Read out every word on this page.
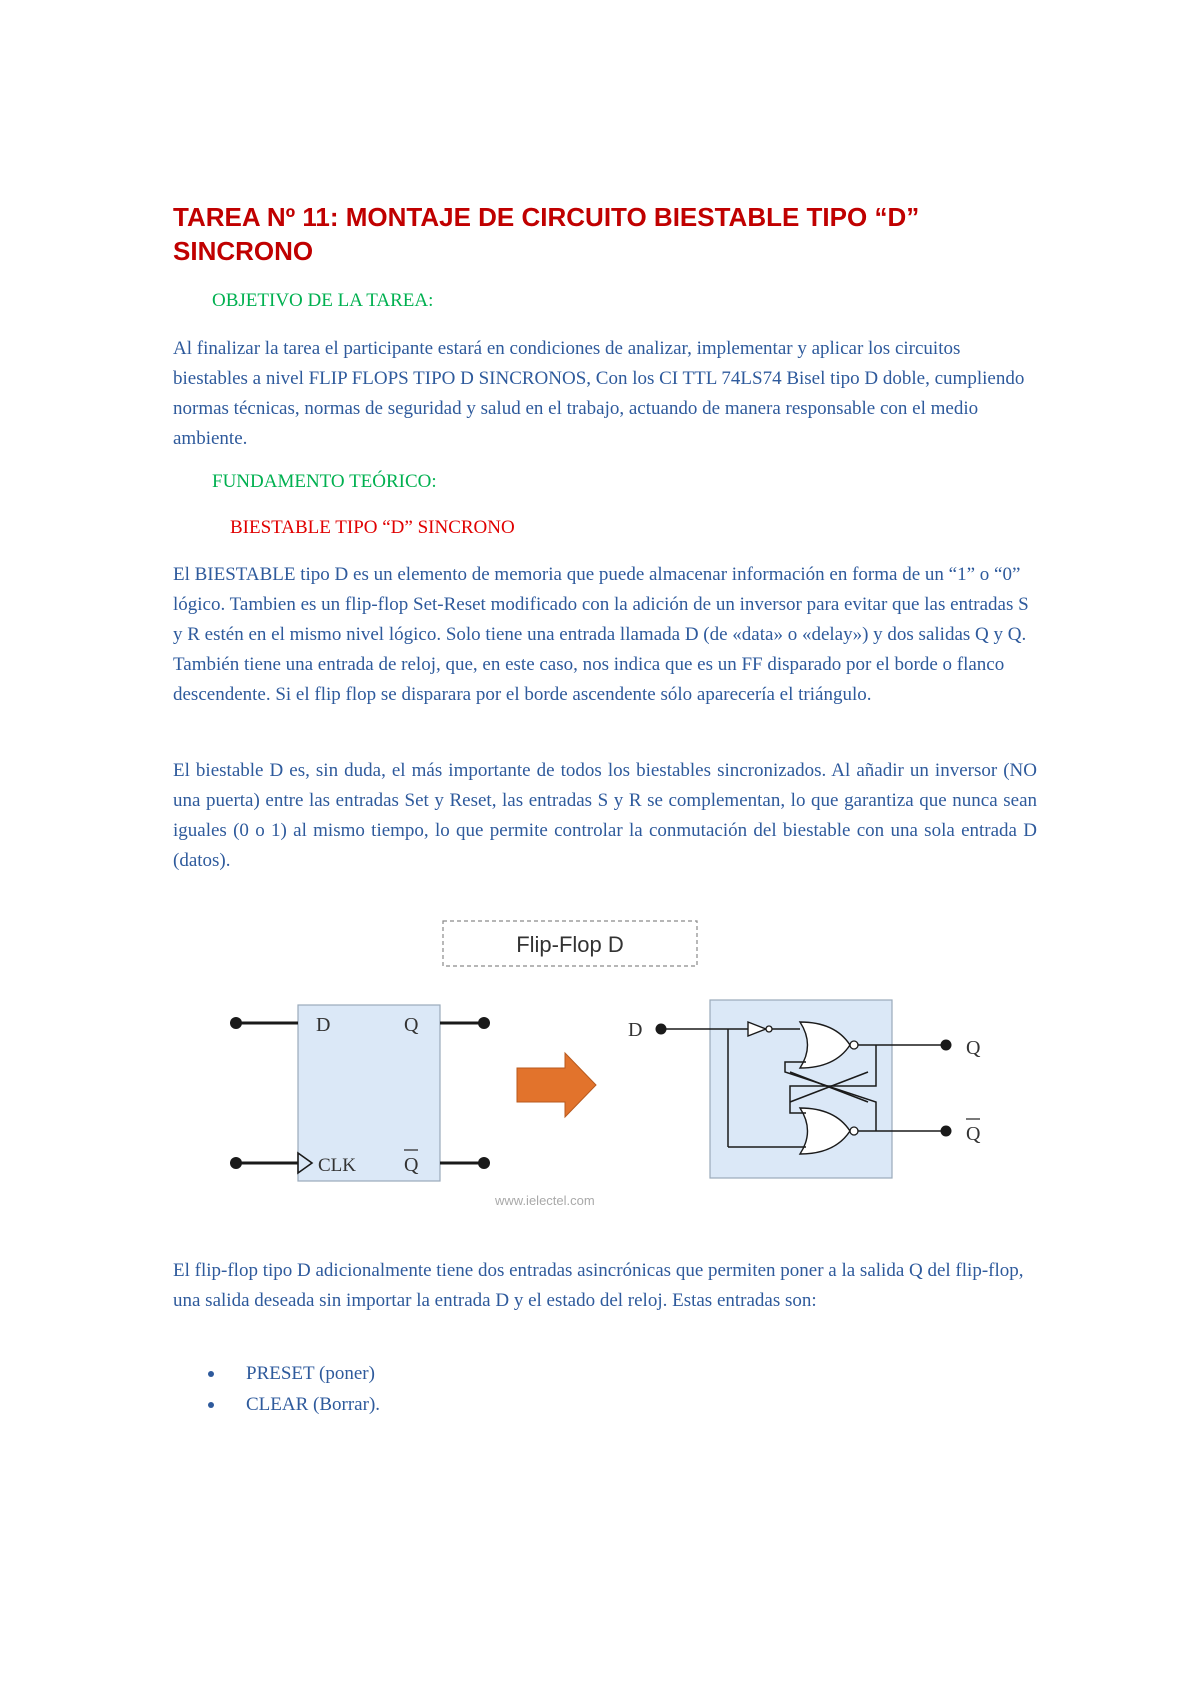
TAREA Nº 11: MONTAJE DE CIRCUITO BIESTABLE TIPO “D” SINCRONO

OBJETIVO DE LA TAREA:

Al finalizar la tarea el participante estará en condiciones de analizar, implementar y aplicar los circuitos biestables a nivel FLIP FLOPS TIPO D SINCRONOS, Con los CI TTL 74LS74 Bisel tipo D doble, cumpliendo normas técnicas, normas de seguridad y salud en el trabajo, actuando de manera responsable con el medio ambiente.

FUNDAMENTO TEÓRICO:

BIESTABLE TIPO “D” SINCRONO

El BIESTABLE tipo D es un elemento de memoria que puede almacenar información en forma de un “1” o “0” lógico. Tambien es un flip-flop Set-Reset modificado con la adición de un inversor para evitar que las entradas S y R estén en el mismo nivel lógico. Solo tiene una entrada llamada D (de «data» o «delay») y dos salidas Q y Q. También tiene una entrada de reloj, que, en este caso, nos indica que es un FF disparado por el borde o flanco descendente. Si el flip flop se disparara por el borde ascendente sólo aparecería el triángulo.

El biestable D es, sin duda, el más importante de todos los biestables sincronizados. Al añadir un inversor (NO una puerta) entre las entradas Set y Reset, las entradas S y R se complementan, lo que garantiza que nunca sean iguales (0 o 1) al mismo tiempo, lo que permite controlar la conmutación del biestable con una sola entrada D (datos).

Flip-Flop D
D	Q
CLK Q
D
Q
Q
www.ielectel.com

El flip-flop tipo D adicionalmente tiene dos entradas asincrónicas que permiten poner a la salida Q del flip-flop, una salida deseada sin importar la entrada D y el estado del reloj. Estas entradas son:

PRESET (poner)
CLEAR (Borrar).
